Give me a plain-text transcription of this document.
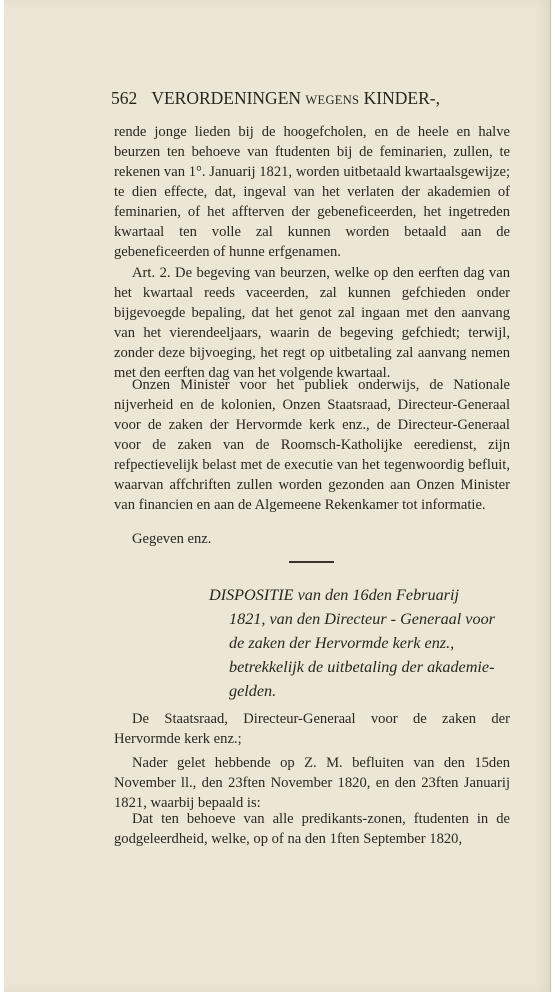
562 VERORDENINGEN WEGENS KINDER-,
rende jonge lieden bij de hoogefcholen, en de heele en halve beurzen ten behoeve van ftudenten bij de feminarien, zullen, te rekenen van 1°. Januarij 1821, worden uitbetaald kwartaalsgewijze; te dien effecte, dat, ingeval van het verlaten der akademien of feminarien, of het affterven der gebeneficeerden, het ingetreden kwartaal ten volle zal kunnen worden betaald aan de gebeneficeerden of hunne erfgenamen.
Art. 2. De begeving van beurzen, welke op den eerften dag van het kwartaal reeds vaceerden, zal kunnen gefchieden onder bijgevoegde bepaling, dat het genot zal ingaan met den aanvang van het vierendeeljaars, waarin de begeving gefchiedt; terwijl, zonder deze bijvoeging, het regt op uitbetaling zal aanvang nemen met den eerften dag van het volgende kwartaal.
Onzen Minister voor het publiek onderwijs, de Nationale nijverheid en de kolonien, Onzen Staatsraad, Directeur-Generaal voor de zaken der Hervormde kerk enz., de Directeur-Generaal voor de zaken van de Roomsch-Katholijke eeredienst, zijn refpectievelijk belast met de executie van het tegenwoordig befluit, waarvan affchriften zullen worden gezonden aan Onzen Minister van financien en aan de Algemeene Rekenkamer tot informatie.
Gegeven enz.
DISPOSITIE van den 16den Februarij
1821, van den Directeur - Generaal voor de zaken der Hervormde kerk enz., betrekkelijk de uitbetaling der akademie-gelden.
De Staatsraad, Directeur-Generaal voor de zaken der Hervormde kerk enz.;
Nader gelet hebbende op Z. M. befluiten van den 15den November ll., den 23ften November 1820, en den 23ften Januarij 1821, waarbij bepaald is:
Dat ten behoeve van alle predikants-zonen, ftudenten in de godgeleerdheid, welke, op of na den 1ften September 1820,
